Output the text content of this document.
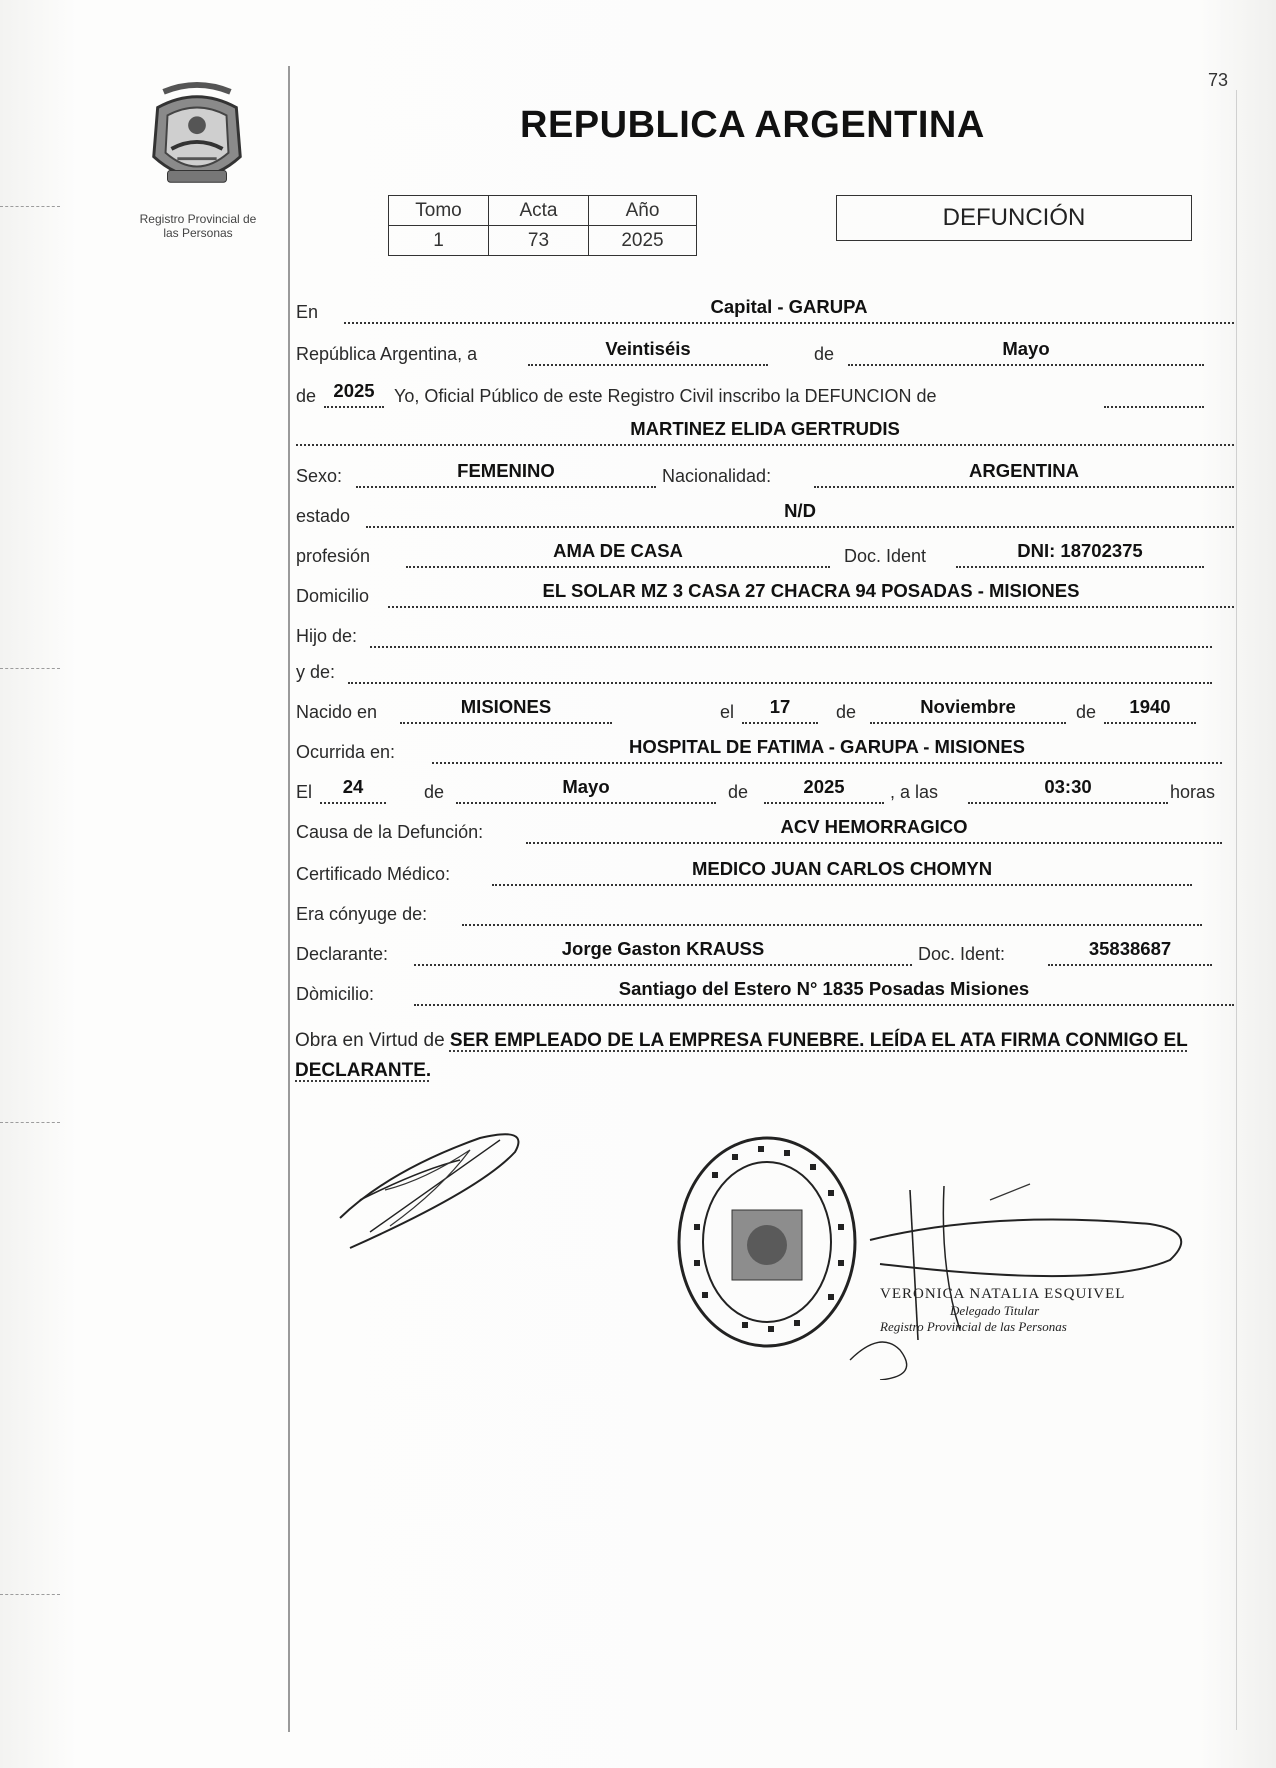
73
Registro Provincial de
las Personas
REPUBLICA ARGENTINA
Tomo	Acta	Año
1	73	2025
DEFUNCIÓN
En	Capital - GARUPA
República Argentina, a	Veintiséis	de	Mayo
de 2025	Yo, Oficial Público de este Registro Civil inscribo la DEFUNCION de
MARTINEZ ELIDA GERTRUDIS
Sexo:	FEMENINO	Nacionalidad:	ARGENTINA
estado	N/D
profesión	AMA DE CASA	Doc. Ident	DNI: 18702375
Domicilio	EL SOLAR MZ 3 CASA 27 CHACRA 94 POSADAS - MISIONES
Hijo de:
y de:
Nacido en	MISIONES	el	17	de	Noviembre	de	1940
Ocurrida en:	HOSPITAL DE FATIMA - GARUPA - MISIONES
El	24	de	Mayo	de	2025	, a las	03:30	horas
Causa de la Defunción:	ACV HEMORRAGICO
Certificado Médico:	MEDICO JUAN CARLOS CHOMYN
Era cónyuge de:
Declarante:	Jorge Gaston KRAUSS	Doc. Ident:	35838687
Dòmicilio:	Santiago del Estero N° 1835 Posadas Misiones
Obra en Virtud de SER EMPLEADO DE LA EMPRESA FUNEBRE. LEÍDA EL ATA FIRMA CONMIGO EL DECLARANTE.
VERONICA NATALIA ESQUIVEL
Delegado Titular
Registro Provincial de las Personas
